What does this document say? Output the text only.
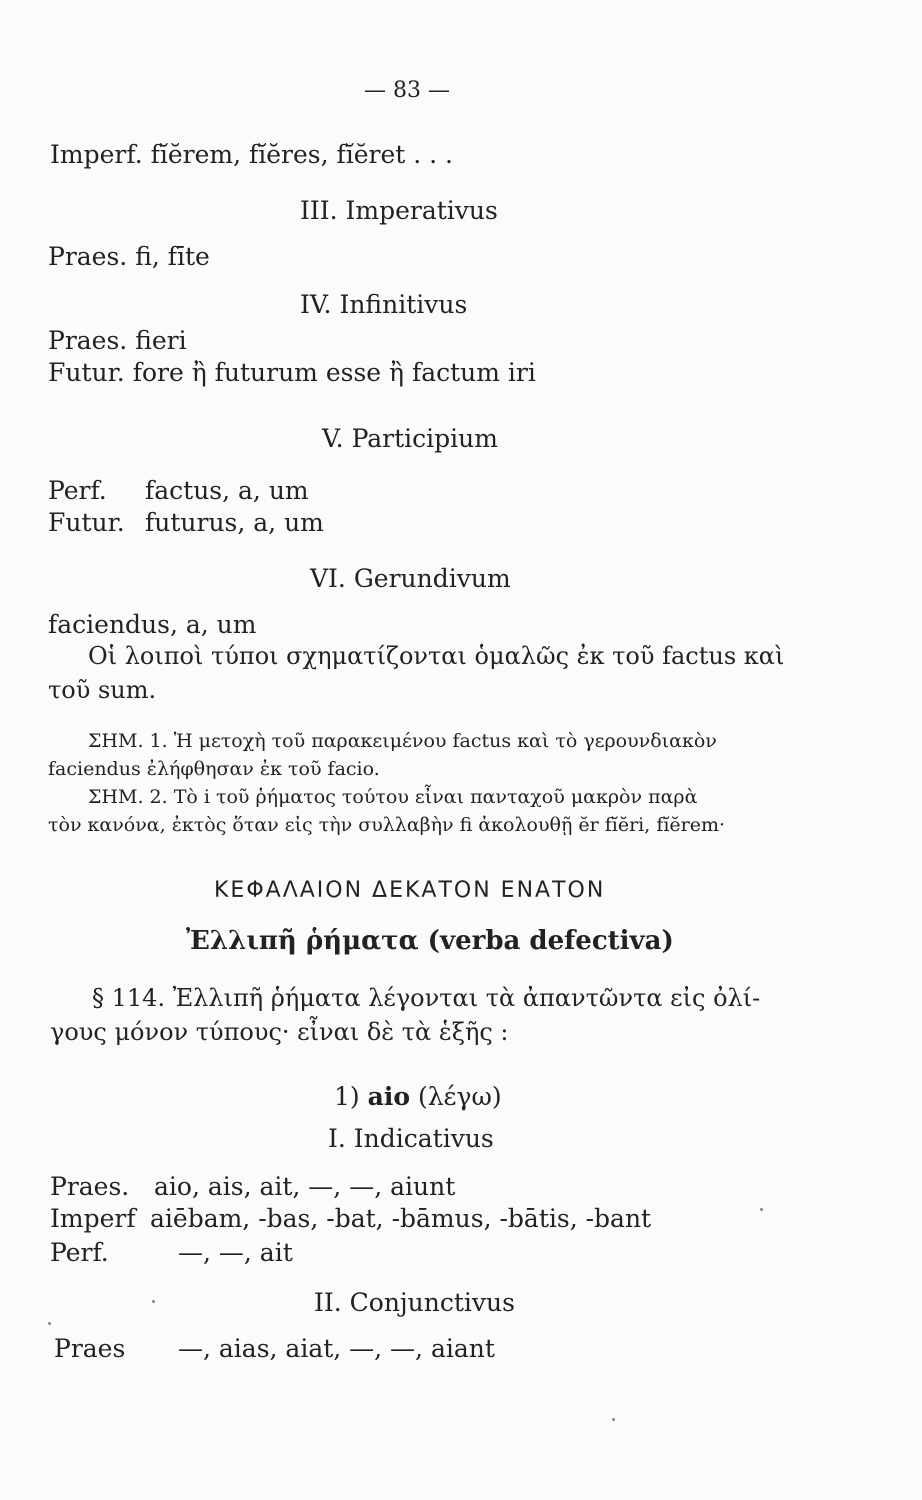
— 83 —
Imperf. fĭĕrem, fĭĕres, fĭĕret . . .
III. Imperativus
Praes. fi, fīte
IV. Infinitivus
Praes. fieri
Futur. fore ἢ futurum esse ἢ factum iri
V. Participium
Perf. factus, a, um
Futur. futurus, a, um
VI. Gerundivum
faciendus, a, um
Οἱ λοιποὶ τύποι σχηματίζονται ὁμαλῶς ἐκ τοῦ factus καὶ
τοῦ sum.
ΣΗΜ. 1. Ἡ μετοχὴ τοῦ παρακειμένου factus καὶ τὸ γερουνδιακὸν
faciendus ἐλήφθησαν ἐκ τοῦ facio.
ΣΗΜ. 2. Τὸ i τοῦ ῥήματος τούτου εἶναι πανταχοῦ μακρὸν παρὰ
τὸν κανόνα, ἐκτὸς ὅταν εἰς τὴν συλλαβὴν fi ἀκολουθῇ ĕr fĭĕri, fĭĕrem·
ΚΕΦΑΛΑΙΟΝ ΔΕΚΑΤΟΝ ΕΝΑΤΟΝ
Ἐλλιπῆ ῥήματα (verba defectiva)
§ 114. Ἐλλιπῆ ῥήματα λέγονται τὰ ἀπαντῶντα εἰς ὀλί-
γους μόνον τύπους· εἶναι δὲ τὰ ἑξῆς :
1) aio (λέγω)
I. Indicativus
Praes. aio, ais, ait, —, —, aiunt
Imperf aiēbam, -bas, -bat, -bāmus, -bātis, -bant
Perf.	—, —, ait
II. Conjunctivus
Praes —, aias, aiat, —, —, aiant
